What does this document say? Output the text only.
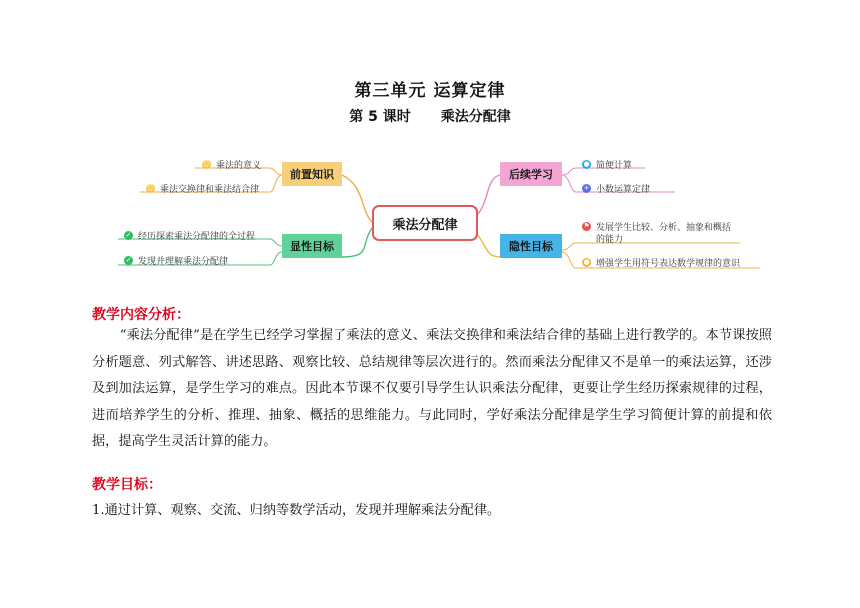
第三单元 运算定律
第 5 课时 乘法分配律
乘法分配律
前置知识
显性目标
后续学习
隐性目标
☺ 乘法的意义
☺ 乘法交换律和乘法结合律
✓ 经历探索乘法分配律的全过程
✓ 发现并理解乘法分配律
● 简便计算
+ 小数运算定律
⚑ 发展学生比较、分析、抽象和概括
的能力
● 增强学生用符号表达数学规律的意识
教学内容分析：
“乘法分配律”是在学生已经学习掌握了乘法的意义、乘法交换律和乘法结合律的基础上进行教学的。本节课按照分析题意、列式解答、讲述思路、观察比较、总结规律等层次进行的。然而乘法分配律又不是单一的乘法运算，还涉及到加法运算，是学生学习的难点。因此本节课不仅要引导学生认识乘法分配律，更要让学生经历探索规律的过程，进而培养学生的分析、推理、抽象、概括的思维能力。与此同时，学好乘法分配律是学生学习简便计算的前提和依据，提高学生灵活计算的能力。
教学目标：
1.通过计算、观察、交流、归纳等数学活动，发现并理解乘法分配律。
